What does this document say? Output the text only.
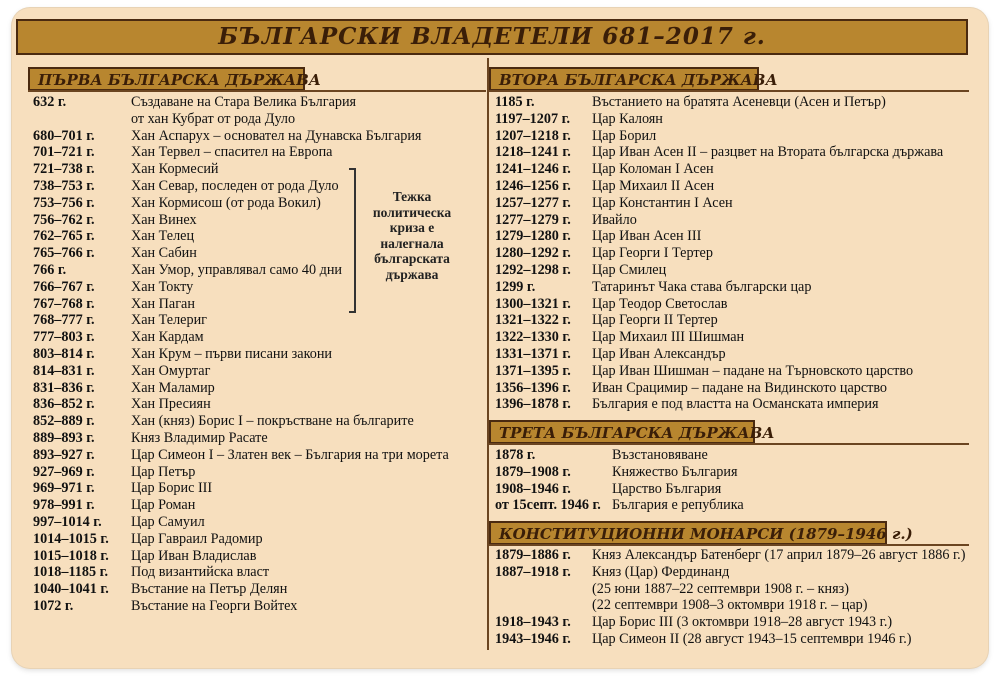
БЪЛГАРСКИ ВЛАДЕТЕЛИ 681–2017 г.
ПЪРВА БЪЛГАРСКА ДЪРЖАВА	ВТОРА БЪЛГАРСКА ДЪРЖАВА
ТРЕТА БЪЛГАРСКА ДЪРЖАВА
КОНСТИТУЦИОННИ МОНАРСИ (1879–1946 г.)
Тежка политическа криза е налегнала българската държава
632 г.	Създаване на Стара Велика България
от хан Кубрат от рода Дуло
680–701 г.	Хан Аспарух – основател на Дунавска България
701–721 г.	Хан Тервел – спасител на Европа
721–738 г.	Хан Кормесий
738–753 г.	Хан Севар, последен от рода Дуло
753–756 г.	Хан Кормисош (от рода Вокил)
756–762 г.	Хан Винех
762–765 г.	Хан Телец
765–766 г.	Хан Сабин
766 г.	Хан Умор, управлявал само 40 дни
766–767 г.	Хан Токту
767–768 г.	Хан Паган
768–777 г.	Хан Телериг
777–803 г.	Хан Кардам
803–814 г.	Хан Крум – първи писани закони
814–831 г.	Хан Омуртаг
831–836 г.	Хан Маламир
836–852 г.	Хан Пресиян
852–889 г.	Хан (княз) Борис I – покръстване на българите
889–893 г.	Княз Владимир Расате
893–927 г.	Цар Симеон I – Златен век – България на три морета
927–969 г.	Цар Петър
969–971 г.	Цар Борис III
978–991 г.	Цар Роман
997–1014 г. Цар Самуил
1014–1015 г. Цар Гавраил Радомир
1015–1018 г. Цар Иван Владислав
1018–1185 г. Под византийска власт
1040–1041 г. Въстание на Петър Делян
1072 г.	Въстание на Георги Войтех
1185 г.	Въстанието на братята Асеневци (Асен и Петър)
1197–1207 г. Цар Калоян
1207–1218 г. Цар Борил
1218–1241 г. Цар Иван Асен II – разцвет на Втората българска държава
1241–1246 г. Цар Коломан I Асен
1246–1256 г. Цар Михаил II Асен
1257–1277 г. Цар Константин I Асен
1277–1279 г. Ивайло
1279–1280 г. Цар Иван Асен III
1280–1292 г. Цар Георги I Тертер
1292–1298 г. Цар Смилец
1299 г.	Татаринът Чака става български цар
1300–1321 г. Цар Теодор Светослав
1321–1322 г. Цар Георги II Тертер
1322–1330 г. Цар Михаил III Шишман
1331–1371 г. Цар Иван Александър
1371–1395 г. Цар Иван Шишман – падане на Търновското царство
1356–1396 г. Иван Срацимир – падане на Видинското царство
1396–1878 г. България е под властта на Османската империя
1878 г.	Възстановяване
1879–1908 г.	Княжество България
1908–1946 г.	Царство България
от 15септ. 1946 г. България е република
1879–1886 г. Княз Александър Батенберг (17 април 1879–26 август 1886 г.)
1887–1918 г. Княз (Цар) Фердинанд
(25 юни 1887–22 септември 1908 г. – княз)
(22 септември 1908–3 октомври 1918 г. – цар)
1918–1943 г. Цар Борис III (3 октомври 1918–28 август 1943 г.)
1943–1946 г. Цар Симеон II (28 август 1943–15 септември 1946 г.)
